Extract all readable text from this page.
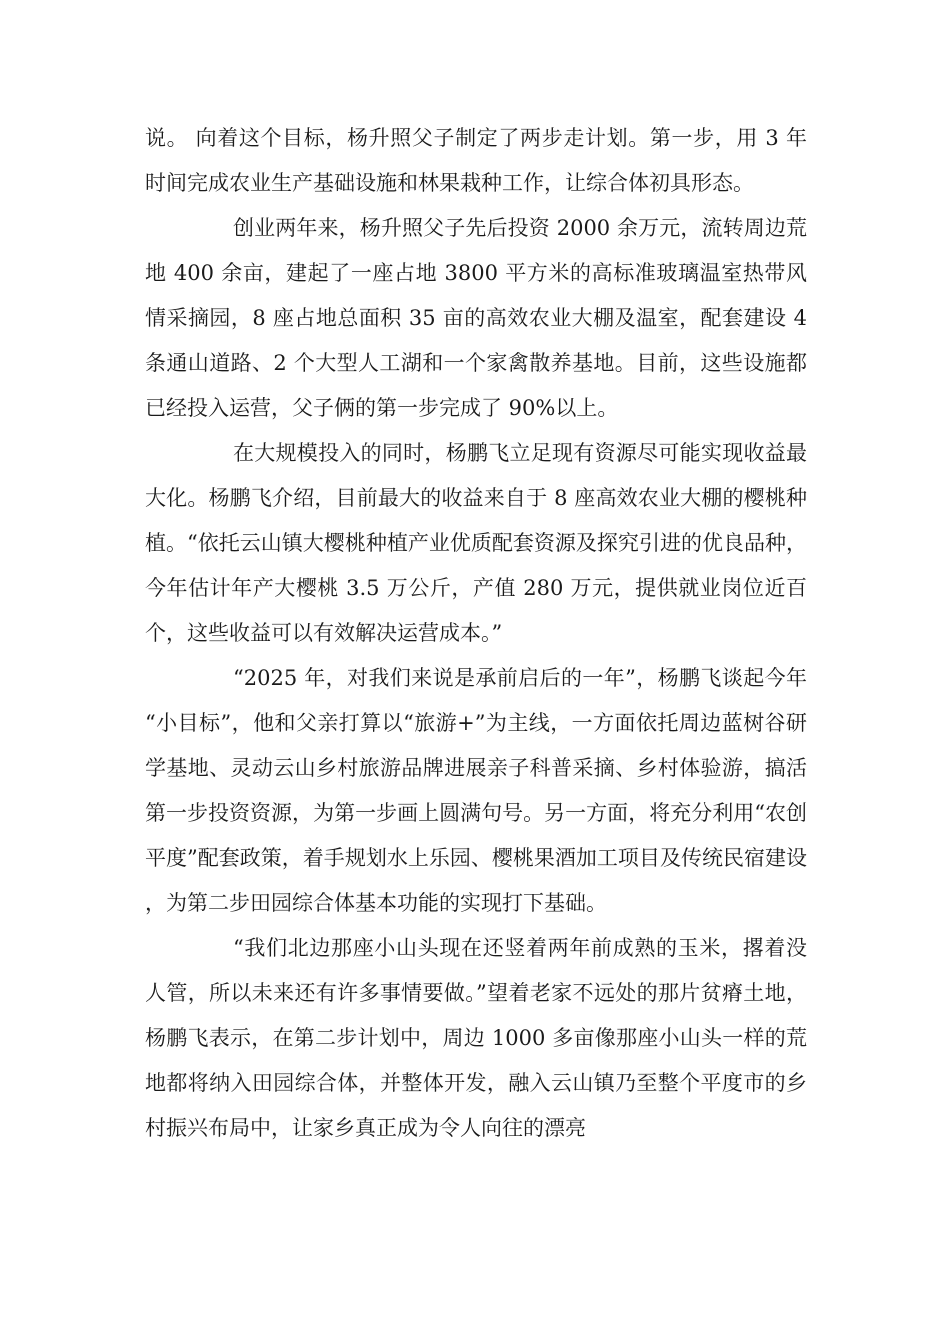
说。 向着这个目标，杨升照父子制定了两步走计划。第一步，用 3 年时间完成农业生产基础设施和林果栽种工作，让综合体初具形态。

创业两年来，杨升照父子先后投资 2000 余万元，流转周边荒地 400 余亩，建起了一座占地 3800 平方米的高标准玻璃温室热带风情采摘园，8 座占地总面积 35 亩的高效农业大棚及温室，配套建设 4 条通山道路、2 个大型人工湖和一个家禽散养基地。目前，这些设施都已经投入运营，父子俩的第一步完成了 90%以上。

在大规模投入的同时，杨鹏飞立足现有资源尽可能实现收益最大化。杨鹏飞介绍，目前最大的收益来自于 8 座高效农业大棚的樱桃种植。“依托云山镇大樱桃种植产业优质配套资源及探究引进的优良品种，今年估计年产大樱桃 3.5 万公斤，产值 280 万元，提供就业岗位近百个，这些收益可以有效解决运营成本。”

“2025 年，对我们来说是承前启后的一年”，杨鹏飞谈起今年“小目标”，他和父亲打算以“旅游+”为主线，一方面依托周边蓝树谷研学基地、灵动云山乡村旅游品牌进展亲子科普采摘、乡村体验游，搞活第一步投资资源，为第一步画上圆满句号。另一方面，将充分利用“农创平度”配套政策，着手规划水上乐园、樱桃果酒加工项目及传统民宿建设，为第二步田园综合体基本功能的实现打下基础。

“我们北边那座小山头现在还竖着两年前成熟的玉米，撂着没人管，所以未来还有许多事情要做。”望着老家不远处的那片贫瘠土地，杨鹏飞表示，在第二步计划中，周边 1000 多亩像那座小山头一样的荒地都将纳入田园综合体，并整体开发，融入云山镇乃至整个平度市的乡村振兴布局中，让家乡真正成为令人向往的漂亮
